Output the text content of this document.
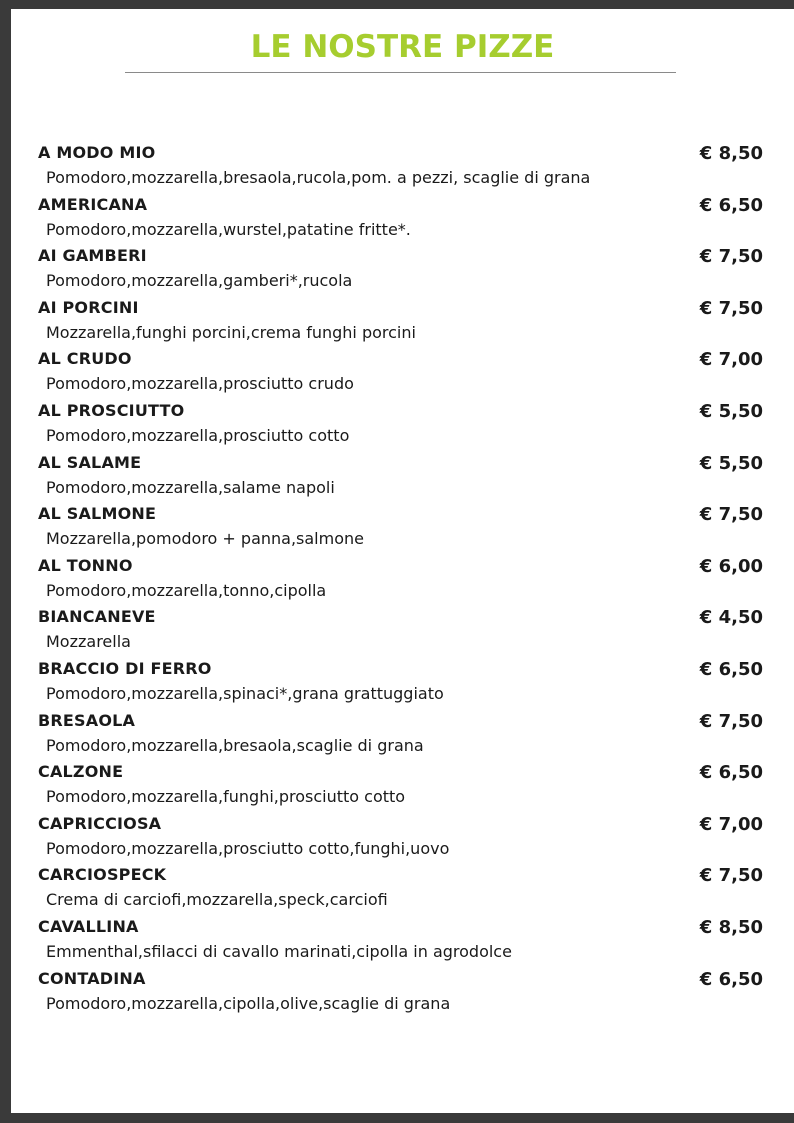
LE NOSTRE PIZZE
A MODO MIO	€ 8,50
Pomodoro,mozzarella,bresaola,rucola,pom. a pezzi, scaglie di grana
AMERICANA	€ 6,50
Pomodoro,mozzarella,wurstel,patatine fritte*.
AI GAMBERI	€ 7,50
Pomodoro,mozzarella,gamberi*,rucola
AI PORCINI	€ 7,50
Mozzarella,funghi porcini,crema funghi porcini
AL CRUDO	€ 7,00
Pomodoro,mozzarella,prosciutto crudo
AL PROSCIUTTO	€ 5,50
Pomodoro,mozzarella,prosciutto cotto
AL SALAME	€ 5,50
Pomodoro,mozzarella,salame napoli
AL SALMONE	€ 7,50
Mozzarella,pomodoro + panna,salmone
AL TONNO	€ 6,00
Pomodoro,mozzarella,tonno,cipolla
BIANCANEVE	€ 4,50
Mozzarella
BRACCIO DI FERRO	€ 6,50
Pomodoro,mozzarella,spinaci*,grana grattuggiato
BRESAOLA	€ 7,50
Pomodoro,mozzarella,bresaola,scaglie di grana
CALZONE	€ 6,50
Pomodoro,mozzarella,funghi,prosciutto cotto
CAPRICCIOSA	€ 7,00
Pomodoro,mozzarella,prosciutto cotto,funghi,uovo
CARCIOSPECK	€ 7,50
Crema di carciofi,mozzarella,speck,carciofi
CAVALLINA	€ 8,50
Emmenthal,sfilacci di cavallo marinati,cipolla in agrodolce
CONTADINA	€ 6,50
Pomodoro,mozzarella,cipolla,olive,scaglie di grana
